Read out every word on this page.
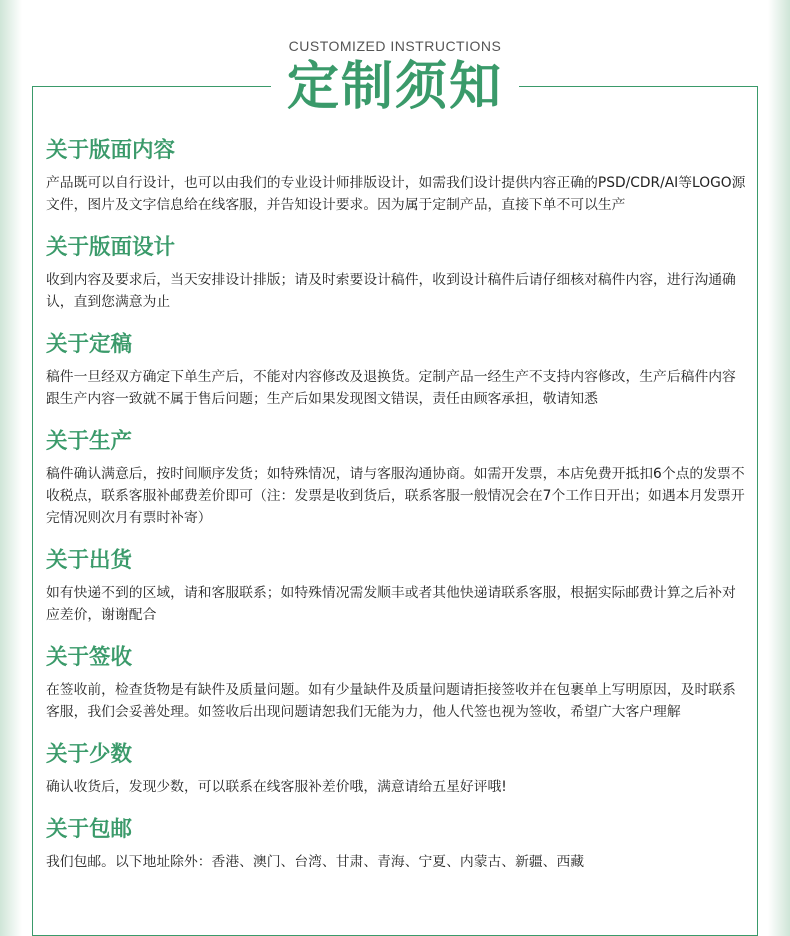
CUSTOMIZED INSTRUCTIONS
定制须知
关于版面内容

产品既可以自行设计，也可以由我们的专业设计师排版设计，如需我们设计提供内容正确的PSD/CDR/AI等LOGO源文件，图片及文字信息给在线客服，并告知设计要求。因为属于定制产品，直接下单不可以生产

关于版面设计

收到内容及要求后，当天安排设计排版；请及时索要设计稿件，收到设计稿件后请仔细核对稿件内容，进行沟通确认，直到您满意为止

关于定稿

稿件一旦经双方确定下单生产后，不能对内容修改及退换货。定制产品一经生产不支持内容修改，生产后稿件内容跟生产内容一致就不属于售后问题；生产后如果发现图文错误，责任由顾客承担，敬请知悉

关于生产

稿件确认满意后，按时间顺序发货；如特殊情况，请与客服沟通协商。如需开发票，本店免费开抵扣6个点的发票不收税点，联系客服补邮费差价即可（注：发票是收到货后，联系客服一般情况会在7个工作日开出；如遇本月发票开完情况则次月有票时补寄）

关于出货

如有快递不到的区域，请和客服联系；如特殊情况需发顺丰或者其他快递请联系客服，根据实际邮费计算之后补对应差价，谢谢配合

关于签收

在签收前，检查货物是有缺件及质量问题。如有少量缺件及质量问题请拒接签收并在包裹单上写明原因，及时联系客服，我们会妥善处理。如签收后出现问题请恕我们无能为力，他人代签也视为签收，希望广大客户理解

关于少数

确认收货后，发现少数，可以联系在线客服补差价哦，满意请给五星好评哦!

关于包邮

我们包邮。以下地址除外：香港、澳门、台湾、甘肃、青海、宁夏、内蒙古、新疆、西藏
